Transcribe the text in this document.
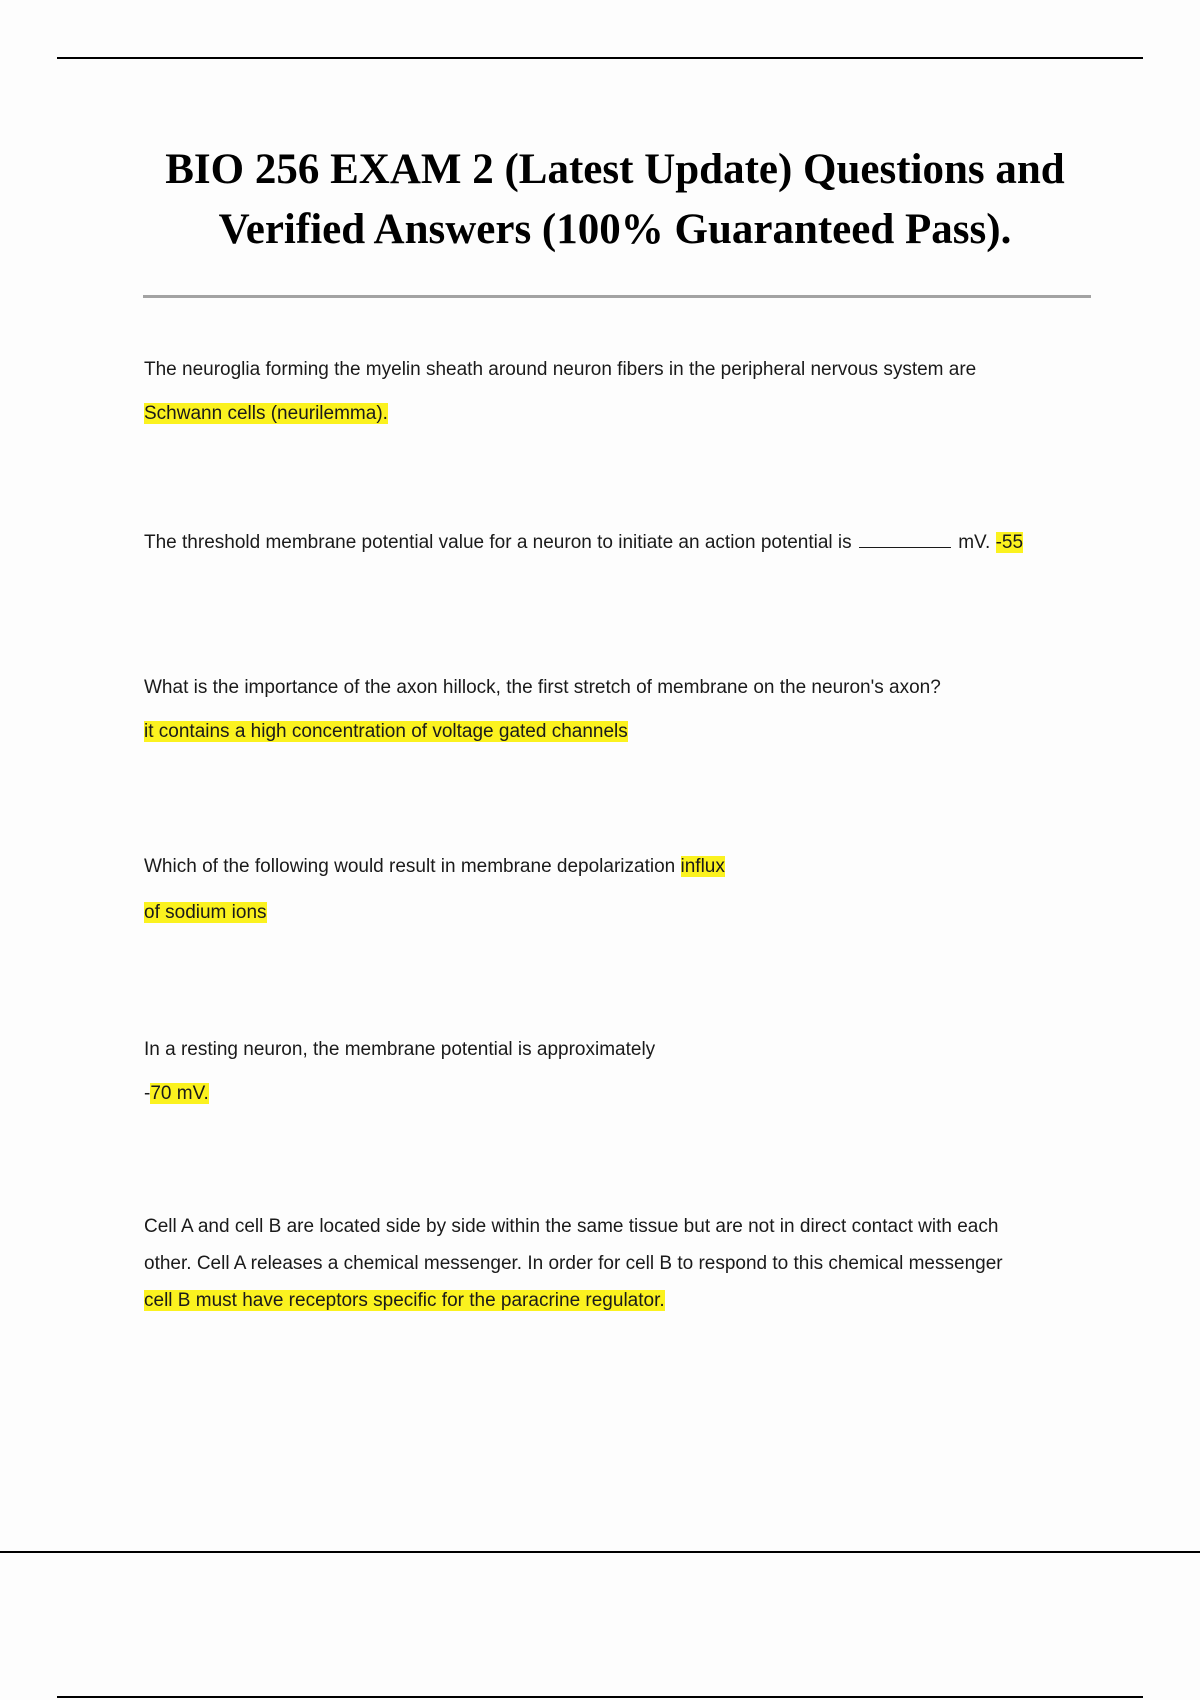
BIO 256 EXAM 2 (Latest Update) Questions and
Verified Answers (100% Guaranteed Pass).

The neuroglia forming the myelin sheath around neuron fibers in the peripheral nervous system are

Schwann cells (neurilemma).

The threshold membrane potential value for a neuron to initiate an action potential is	mV. -55

What is the importance of the axon hillock, the first stretch of membrane on the neuron's axon?

it contains a high concentration of voltage gated channels

Which of the following would result in membrane depolarization influx

of sodium ions

In a resting neuron, the membrane potential is approximately

-70 mV.

Cell A and cell B are located side by side within the same tissue but are not in direct contact with each

other. Cell A releases a chemical messenger. In order for cell B to respond to this chemical messenger

cell B must have receptors specific for the paracrine regulator.
